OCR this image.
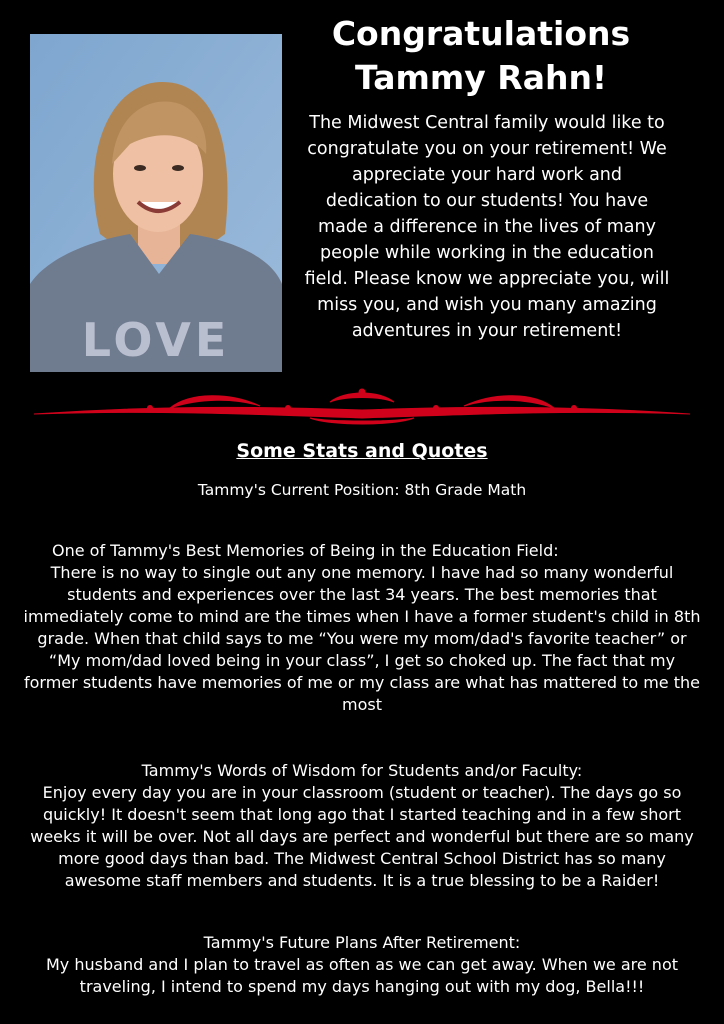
LOVE
Congratulations Tammy Rahn!

The Midwest Central family would like to congratulate you on your retirement! We appreciate your hard work and dedication to our students! You have made a difference in the lives of many people while working in the education field. Please know we appreciate you, will miss you, and wish you many amazing adventures in your retirement!

Some Stats and Quotes

Tammy's Current Position: 8th Grade Math

One of Tammy's Best Memories of Being in the Education Field:
There is no way to single out any one memory. I have had so many wonderful students and experiences over the last 34 years. The best memories that immediately come to mind are the times when I have a former student's child in 8th grade. When that child says to me “You were my mom/dad's favorite teacher” or “My mom/dad loved being in your class”, I get so choked up. The fact that my former students have memories of me or my class are what has mattered to me the most
Tammy's Words of Wisdom for Students and/or Faculty:
Enjoy every day you are in your classroom (student or teacher). The days go so quickly! It doesn't seem that long ago that I started teaching and in a few short weeks it will be over. Not all days are perfect and wonderful but there are so many more good days than bad. The Midwest Central School District has so many awesome staff members and students. It is a true blessing to be a Raider!
Tammy's Future Plans After Retirement:
My husband and I plan to travel as often as we can get away. When we are not traveling, I intend to spend my days hanging out with my dog, Bella!!!
